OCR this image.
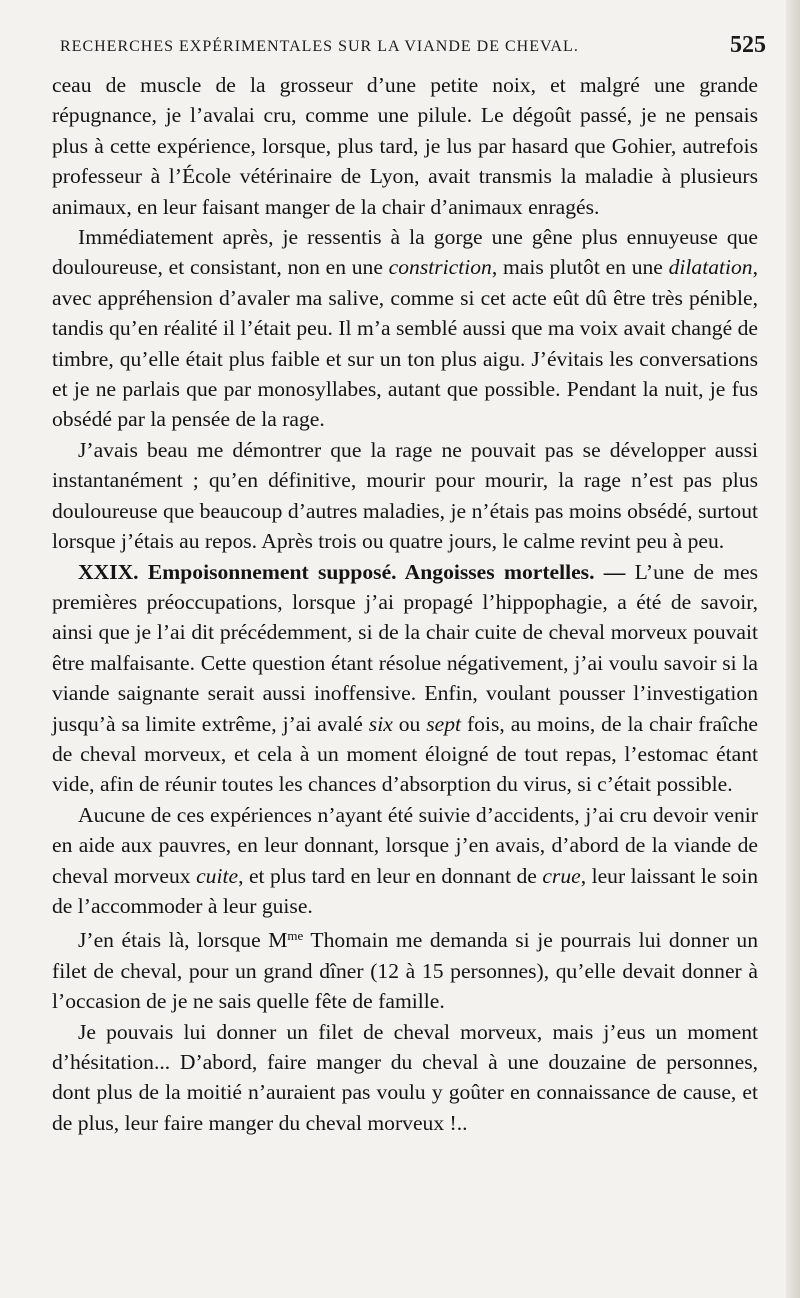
RECHERCHES EXPÉRIMENTALES SUR LA VIANDE DE CHEVAL.	525

ceau de muscle de la grosseur d’une petite noix, et malgré une grande répugnance, je l’avalai cru, comme une pilule. Le dégoût passé, je ne pensais plus à cette expérience, lorsque, plus tard, je lus par hasard que Gohier, autrefois professeur à l’École vétérinaire de Lyon, avait transmis la maladie à plusieurs animaux, en leur faisant manger de la chair d’animaux enragés.

Immédiatement après, je ressentis à la gorge une gêne plus ennuyeuse que douloureuse, et consistant, non en une constriction, mais plutôt en une dilatation, avec appréhension d’avaler ma salive, comme si cet acte eût dû être très pénible, tandis qu’en réalité il l’était peu. Il m’a semblé aussi que ma voix avait changé de timbre, qu’elle était plus faible et sur un ton plus aigu. J’évitais les conversations et je ne parlais que par monosyllabes, autant que possible. Pendant la nuit, je fus obsédé par la pensée de la rage.

J’avais beau me démontrer que la rage ne pouvait pas se développer aussi instantanément ; qu’en définitive, mourir pour mourir, la rage n’est pas plus douloureuse que beaucoup d’autres maladies, je n’étais pas moins obsédé, surtout lorsque j’étais au repos. Après trois ou quatre jours, le calme revint peu à peu.

XXIX. Empoisonnement supposé. Angoisses mortelles. — L’une de mes premières préoccupations, lorsque j’ai propagé l’hippophagie, a été de savoir, ainsi que je l’ai dit précédemment, si de la chair cuite de cheval morveux pouvait être malfaisante. Cette question étant résolue négativement, j’ai voulu savoir si la viande saignante serait aussi inoffensive. Enfin, voulant pousser l’investigation jusqu’à sa limite extrême, j’ai avalé six ou sept fois, au moins, de la chair fraîche de cheval morveux, et cela à un moment éloigné de tout repas, l’estomac étant vide, afin de réunir toutes les chances d’absorption du virus, si c’était possible.

Aucune de ces expériences n’ayant été suivie d’accidents, j’ai cru devoir venir en aide aux pauvres, en leur donnant, lorsque j’en avais, d’abord de la viande de cheval morveux cuite, et plus tard en leur en donnant de crue, leur laissant le soin de l’accommoder à leur guise.

J’en étais là, lorsque $M^{me}$ Thomain me demanda si je pourrais lui donner un filet de cheval, pour un grand dîner (12 à 15 personnes), qu’elle devait donner à l’occasion de je ne sais quelle fête de famille.

Je pouvais lui donner un filet de cheval morveux, mais j’eus un moment d’hésitation... D’abord, faire manger du cheval à une douzaine de personnes, dont plus de la moitié n’auraient pas voulu y goûter en connaissance de cause, et de plus, leur faire manger du cheval morveux !..
